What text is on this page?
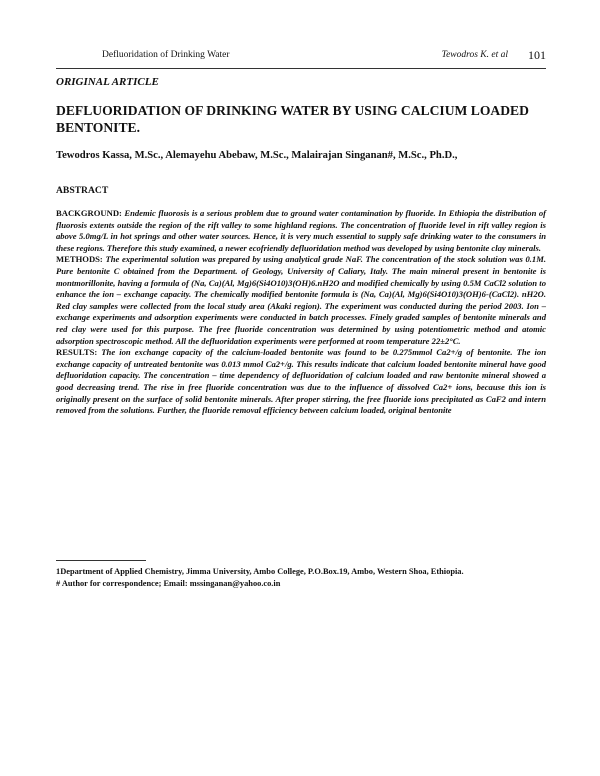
Defluoridation of Drinking Water	Tewodros K. et al 101
ORIGINAL ARTICLE
DEFLUORIDATION OF DRINKING WATER BY USING CALCIUM LOADED BENTONITE.
Tewodros Kassa, M.Sc., Alemayehu Abebaw, M.Sc., Malairajan Singanan#, M.Sc., Ph.D.,
ABSTRACT

BACKGROUND: Endemic fluorosis is a serious problem due to ground water contamination by fluoride. In Ethiopia the distribution of fluorosis extents outside the region of the rift valley to some highland regions. The concentration of fluoride level in rift valley region is above 5.0mg/L in hot springs and other water sources. Hence, it is very much essential to supply safe drinking water to the consumers in these regions. Therefore this study examined, a newer ecofriendly defluoridation method was developed by using bentonite clay minerals.

METHODS: The experimental solution was prepared by using analytical grade NaF. The concentration of the stock solution was 0.1M. Pure bentonite C obtained from the Department. of Geology, University of Caliary, Italy. The main mineral present in bentonite is montmorillonite, having a formula of (Na, Ca)(Al, Mg)6(Si4O10)3(OH)6.nH2O and modified chemically by using 0.5M CaCl2 solution to enhance the ion – exchange capacity. The chemically modified bentonite formula is (Na, Ca)(Al, Mg)6(Si4O10)3(OH)6-(CaCl2). nH2O. Red clay samples were collected from the local study area (Akaki region). The experiment was conducted during the period 2003. Ion – exchange experiments and adsorption experiments were conducted in batch processes. Finely graded samples of bentonite minerals and red clay were used for this purpose. The free fluoride concentration was determined by using potentiometric method and atomic adsorption spectroscopic method. All the defluoridation experiments were performed at room temperature 22±2°C.

RESULTS: The ion exchange capacity of the calcium-loaded bentonite was found to be 0.275mmol Ca2+/g of bentonite. The ion exchange capacity of untreated bentonite was 0.013 mmol Ca2+/g. This results indicate that calcium loaded bentonite mineral have good defluoridation capacity. The concentration – time dependency of defluoridation of calcium loaded and raw bentonite mineral showed a good decreasing trend. The rise in free fluoride concentration was due to the influence of dissolved Ca2+ ions, because this ion is originally present on the surface of solid bentonite minerals. After proper stirring, the free fluoride ions precipitated as CaF2 and intern removed from the solutions. Further, the fluoride removal efficiency between calcium loaded, original bentonite

1Department of Applied Chemistry, Jimma University, Ambo College, P.O.Box.19, Ambo, Western Shoa, Ethiopia.
# Author for correspondence; Email: mssinganan@yahoo.co.in
